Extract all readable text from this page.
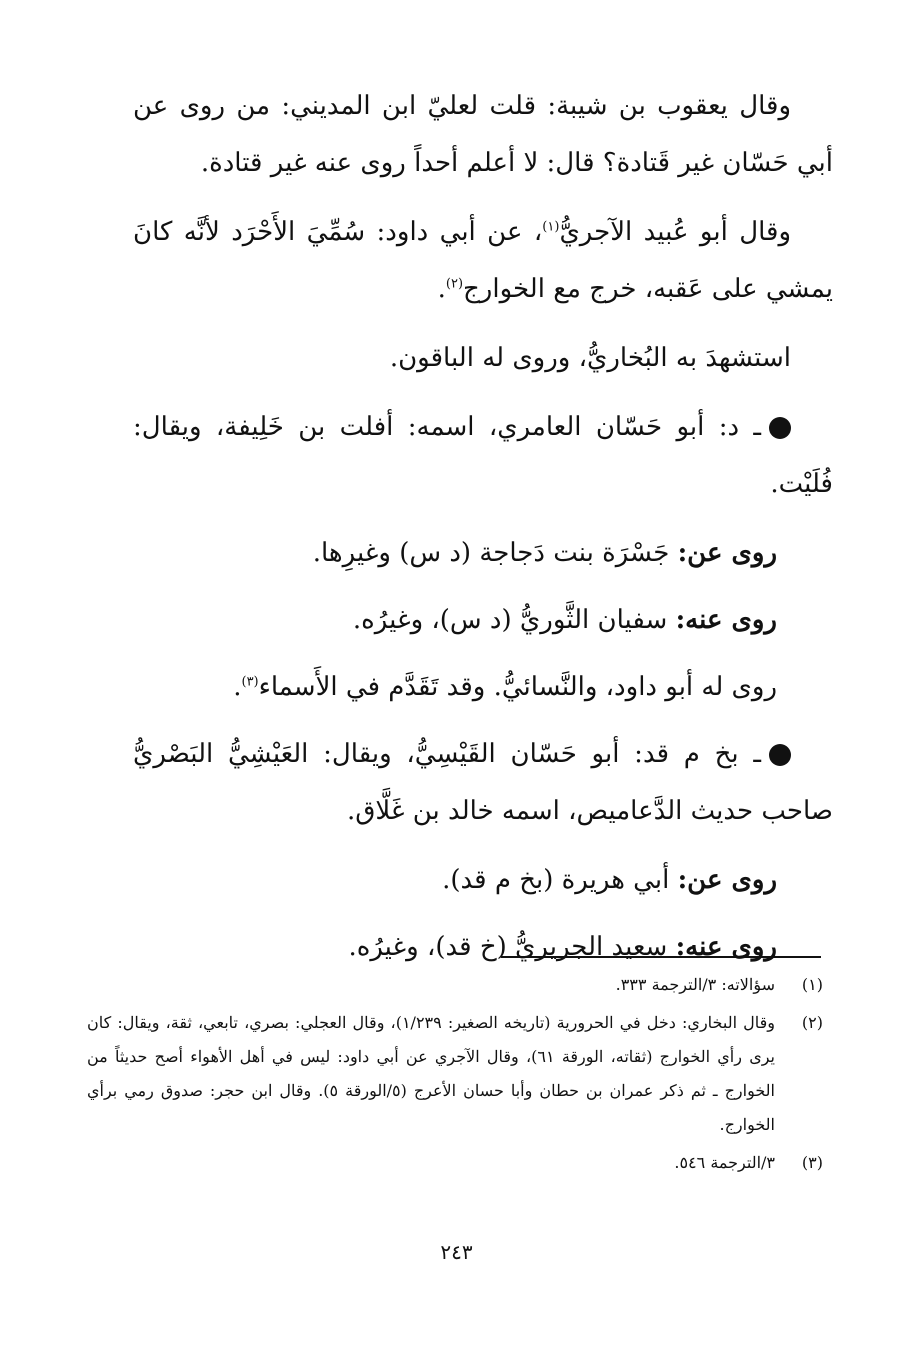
وقال يعقوب بن شيبة: قلت لعليّ ابن المديني: من روى عن أبي حَسّان غير قَتادة؟ قال: لا أعلم أحداً روى عنه غير قتادة.

وقال أبو عُبيد الآجريُّ$^{(١)}$، عن أبي داود: سُمِّيَ الأَحْرَد لأنَّه كانَ يمشي على عَقبه، خرج مع الخوارج$^{(٢)}$.

استشهدَ به البُخاريُّ، وروى له الباقون.

ـ د: أبو حَسّان العامري، اسمه: أفلت بن خَلِيفة، ويقال: فُلَيْت.

روى عن: جَسْرَة بنت دَجاجة (د س) وغيرِها.

روى عنه: سفيان الثَّوريُّ (د س)، وغيرُه.

روى له أبو داود، والنَّسائيُّ. وقد تَقَدَّم في الأَسماء$^{(٣)}$.

ـ بخ م قد: أبو حَسّان القَيْسِيُّ، ويقال: العَيْشِيُّ البَصْريُّ صاحب حديث الدَّعاميص، اسمه خالد بن غَلَّاق.

روى عن: أبي هريرة (بخ م قد).

روى عنه: سعيد الجريريُّ (خ قد)، وغيرُه.

(١)
سؤالاته: ٣/الترجمة ٣٣٣.
(٢)
وقال البخاري: دخل في الحرورية (تاريخه الصغير: ١/٢٣٩)، وقال العجلي: بصري، تابعي، ثقة، ويقال: كان يرى رأي الخوارج (ثقاته، الورقة ٦١)، وقال الآجري عن أبي داود: ليس في أهل الأهواء أصح حديثاً من الخوارج ـ ثم ذكر عمران بن حطان وأبا حسان الأعرج (٥/الورقة ٥). وقال ابن حجر: صدوق رمي برأي الخوارج.
(٣)
٣/الترجمة ٥٤٦.
٢٤٣
